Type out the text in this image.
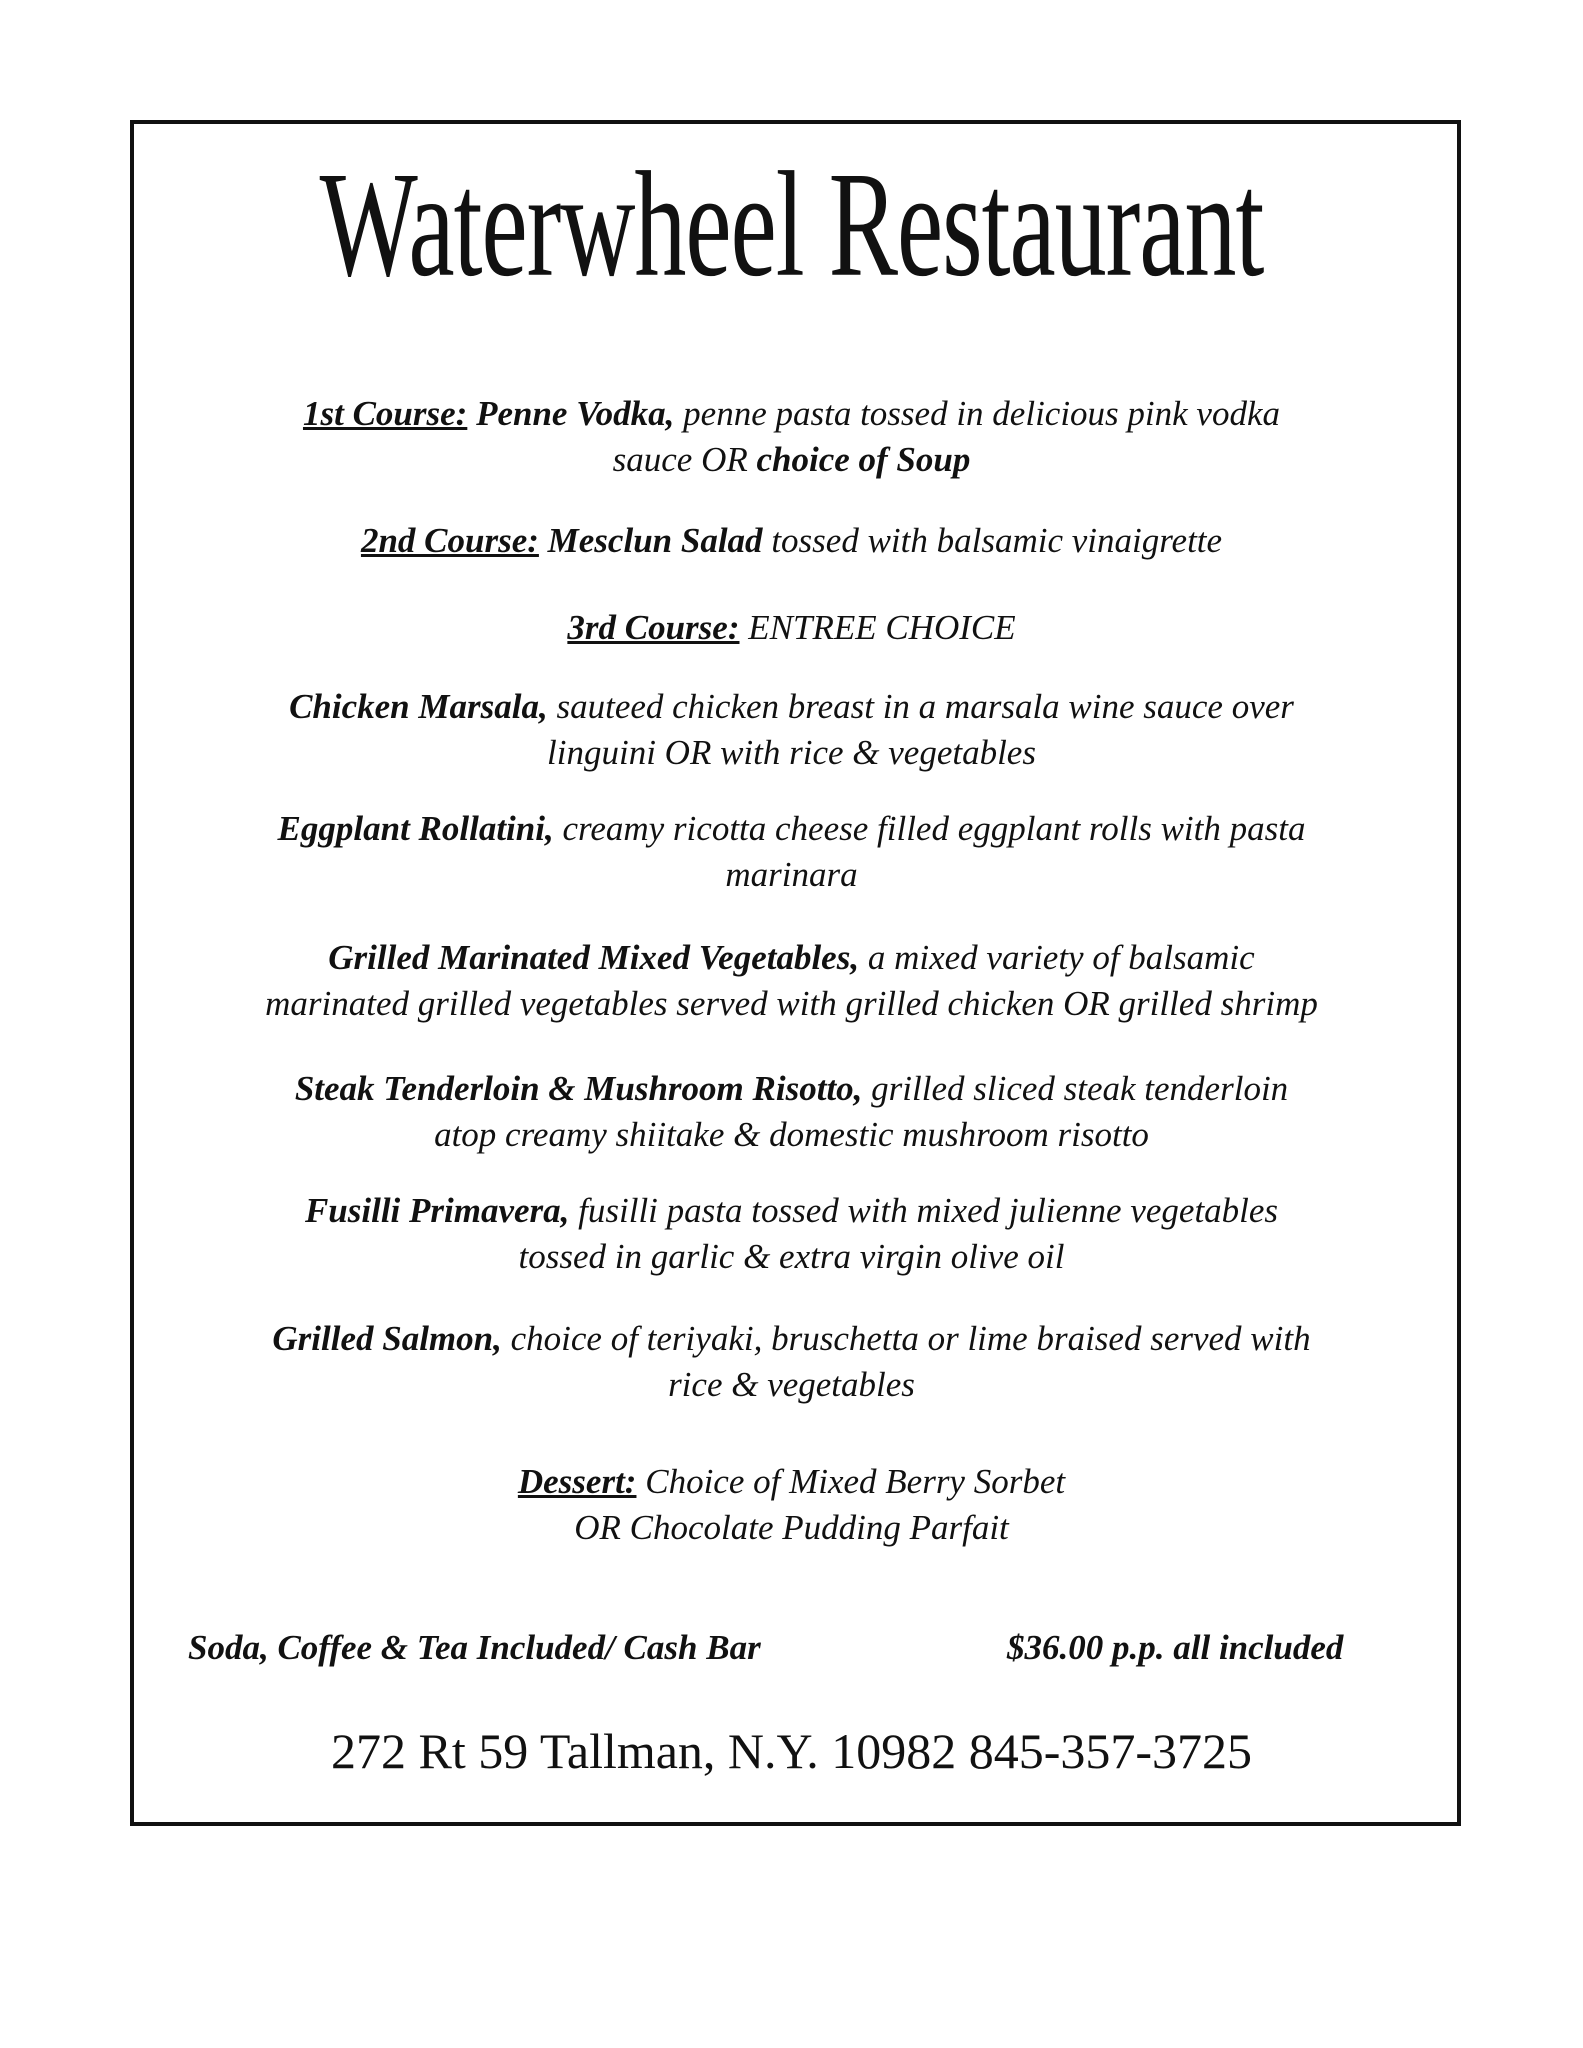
Waterwheel Restaurant
1st Course: Penne Vodka, penne pasta tossed in delicious pink vodka
sauce OR choice of Soup
2nd Course: Mesclun Salad tossed with balsamic vinaigrette
3rd Course: ENTREE CHOICE
Chicken Marsala, sauteed chicken breast in a marsala wine sauce over
linguini OR with rice & vegetables
Eggplant Rollatini, creamy ricotta cheese filled eggplant rolls with pasta
marinara
Grilled Marinated Mixed Vegetables, a mixed variety of balsamic
marinated grilled vegetables served with grilled chicken OR grilled shrimp
Steak Tenderloin & Mushroom Risotto, grilled sliced steak tenderloin
atop creamy shiitake & domestic mushroom risotto
Fusilli Primavera, fusilli pasta tossed with mixed julienne vegetables
tossed in garlic & extra virgin olive oil
Grilled Salmon, choice of teriyaki, bruschetta or lime braised served with
rice & vegetables
Dessert: Choice of Mixed Berry Sorbet
OR Chocolate Pudding Parfait
Soda, Coffee & Tea Included/ Cash Bar	$36.00 p.p. all included
272 Rt 59 Tallman, N.Y. 10982 845-357-3725
